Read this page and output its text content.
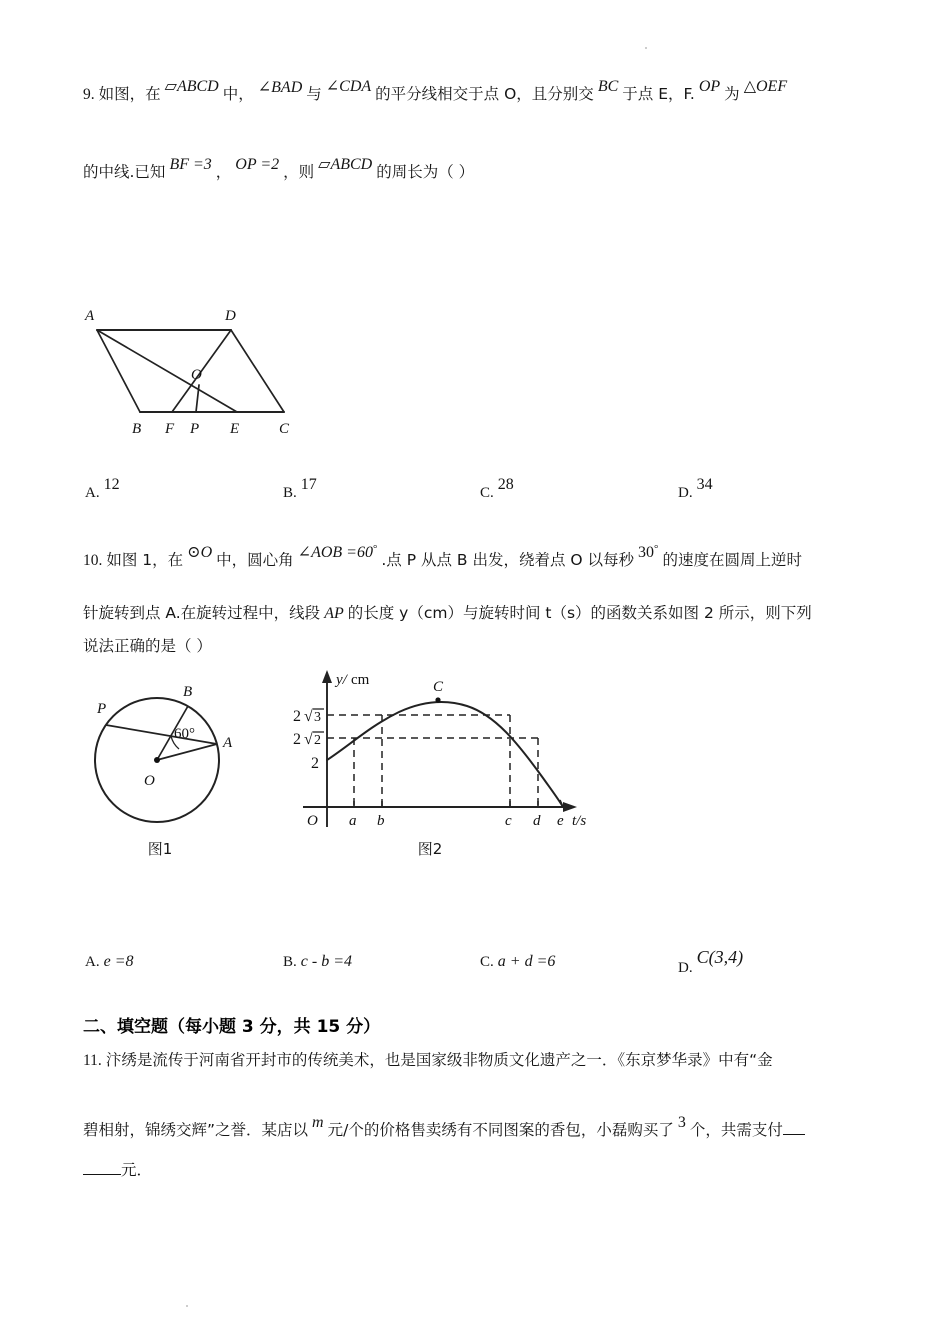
9. 如图，在 ▱ABCD 中， ∠BAD 与 ∠CDA 的平分线相交于点 O，且分别交 BC 于点 E，F. OP 为 △OEF
的中线.已知 BF =3 ， OP =2 ，则 ▱ABCD 的周长为（ ）
A	D
B F P E	C
O
A. 12	B. 17	C. 28	D. 34
10. 如图 1，在 ⊙O 中，圆心角 ∠AOB =60° .点 P 从点 B 出发，绕着点 O 以每秒 30° 的速度在圆周上逆时
针旋转到点 A.在旋转过程中，线段 AP 的长度 y（cm）与旋转时间 t（s）的函数关系如图 2 所示，则下列
说法正确的是（ ）
P
B
A
O
60°
图1
y/ cm
t/s
O
C
2 √ 3
2 √ 2
2
a b	c d e
图2
A. e =8	B. c - b =4	C. a + d =6	D. C(3,4)
二、填空题（每小题 3 分，共 15 分）
11. 汴绣是流传于河南省开封市的传统美术，也是国家级非物质文化遗产之一．《东京梦华录》中有“金
碧相射，锦绣交辉”之誉．某店以 m 元/个的价格售卖绣有不同图案的香包，小磊购买了 3 个，共需支付
元．
